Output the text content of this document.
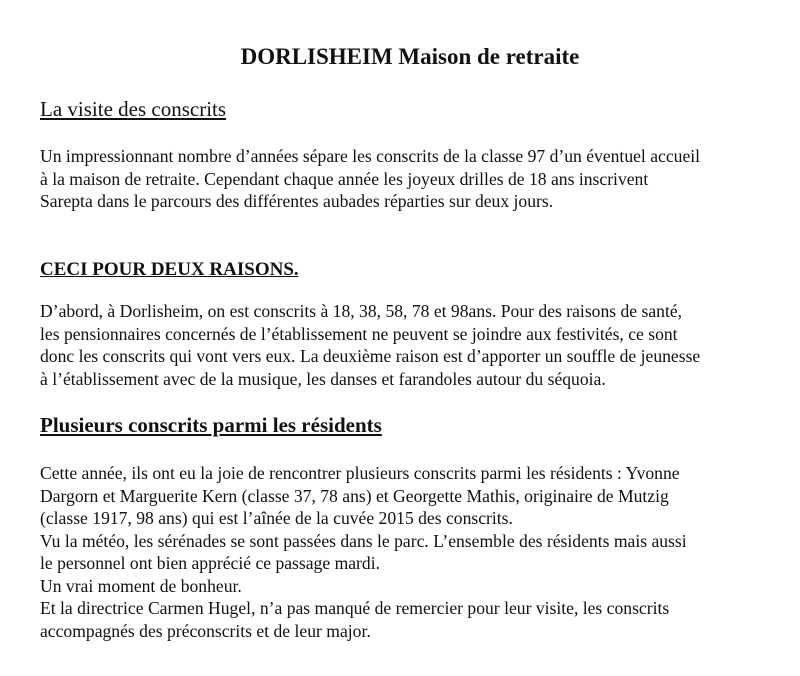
DORLISHEIM Maison de retraite
La visite des conscrits
Un impressionnant nombre d’années sépare les conscrits de la classe 97 d’un éventuel accueil
à la maison de retraite. Cependant chaque année les joyeux drilles de 18 ans inscrivent
Sarepta dans le parcours des différentes aubades réparties sur deux jours.
CECI POUR DEUX RAISONS.
D’abord, à Dorlisheim, on est conscrits à 18, 38, 58, 78 et 98ans. Pour des raisons de santé,
les pensionnaires concernés de l’établissement ne peuvent se joindre aux festivités, ce sont
donc les conscrits qui vont vers eux. La deuxième raison est d’apporter un souffle de jeunesse
à l’établissement avec de la musique, les danses et farandoles autour du séquoia.
Plusieurs conscrits parmi les résidents
Cette année, ils ont eu la joie de rencontrer plusieurs conscrits parmi les résidents : Yvonne
Dargorn et Marguerite Kern (classe 37, 78 ans) et Georgette Mathis, originaire de Mutzig
(classe 1917, 98 ans) qui est l’aînée de la cuvée 2015 des conscrits.
Vu la météo, les sérénades se sont passées dans le parc. L’ensemble des résidents mais aussi
le personnel ont bien apprécié ce passage mardi.
Un vrai moment de bonheur.
Et la directrice Carmen Hugel, n’a pas manqué de remercier pour leur visite, les conscrits
accompagnés des préconscrits et de leur major.
